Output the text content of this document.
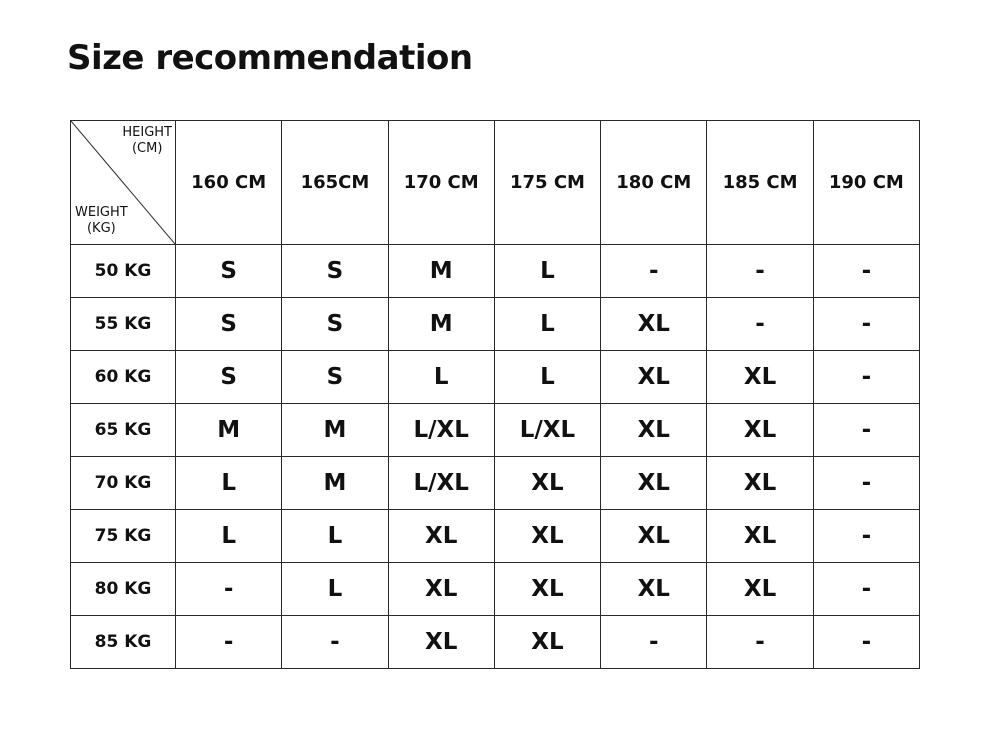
Size recommendation
HEIGHT
(CM)
WEIGHT
(KG)	160 CM	165CM	170 CM	175 CM	180 CM	185 CM	190 CM
50 KG	S	S	M	L	-	-	-
55 KG	S	S	M	L	XL	-	-
60 KG	S	S	L	L	XL	XL	-
65 KG	M	M	L/XL	L/XL	XL	XL	-
70 KG	L	M	L/XL	XL	XL	XL	-
75 KG	L	L	XL	XL	XL	XL	-
80 KG	-	L	XL	XL	XL	XL	-
85 KG	-	-	XL	XL	-	-	-
